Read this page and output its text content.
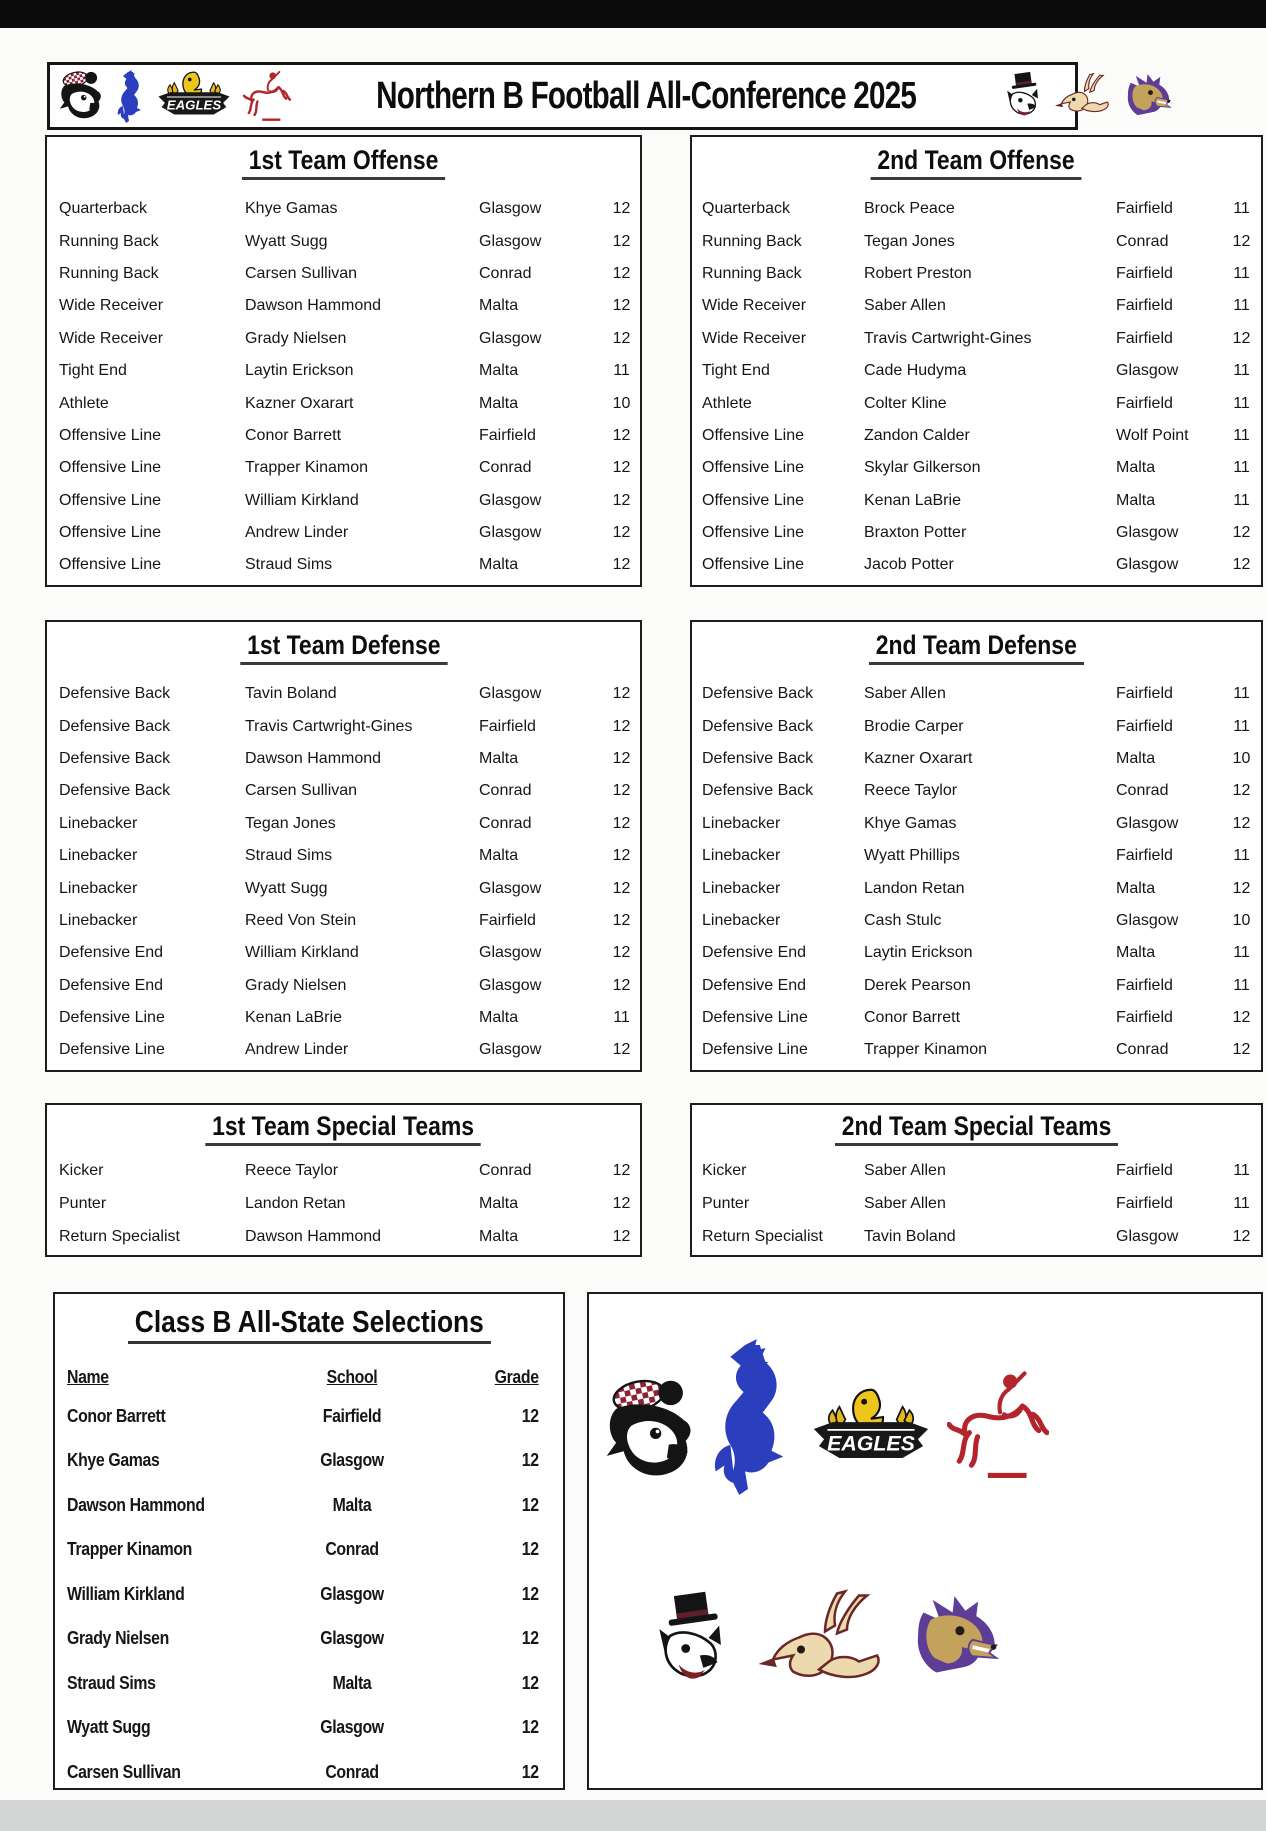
Northern B Football All-Conference 2025
1st Team Offense
Quarterback	Khye Gamas	Glasgow	12
Running Back	Wyatt Sugg	Glasgow	12
Running Back	Carsen Sullivan	Conrad	12
Wide Receiver	Dawson Hammond	Malta	12
Wide Receiver	Grady Nielsen	Glasgow	12
Tight End	Laytin Erickson	Malta	11
Athlete	Kazner Oxarart	Malta	10
Offensive Line	Conor Barrett	Fairfield	12
Offensive Line	Trapper Kinamon	Conrad	12
Offensive Line	William Kirkland	Glasgow	12
Offensive Line	Andrew Linder	Glasgow	12
Offensive Line	Straud Sims	Malta	12
2nd Team Offense
Quarterback	Brock Peace	Fairfield	11
Running Back	Tegan Jones	Conrad	12
Running Back	Robert Preston	Fairfield	11
Wide Receiver	Saber Allen	Fairfield	11
Wide Receiver	Travis Cartwright-Gines	Fairfield	12
Tight End	Cade Hudyma	Glasgow	11
Athlete	Colter Kline	Fairfield	11
Offensive Line	Zandon Calder	Wolf Point	11
Offensive Line	Skylar Gilkerson	Malta	11
Offensive Line	Kenan LaBrie	Malta	11
Offensive Line	Braxton Potter	Glasgow	12
Offensive Line	Jacob Potter	Glasgow	12
1st Team Defense
Defensive Back	Tavin Boland	Glasgow	12
Defensive Back	Travis Cartwright-Gines	Fairfield	12
Defensive Back	Dawson Hammond	Malta	12
Defensive Back	Carsen Sullivan	Conrad	12
Linebacker	Tegan Jones	Conrad	12
Linebacker	Straud Sims	Malta	12
Linebacker	Wyatt Sugg	Glasgow	12
Linebacker	Reed Von Stein	Fairfield	12
Defensive End	William Kirkland	Glasgow	12
Defensive End	Grady Nielsen	Glasgow	12
Defensive Line	Kenan LaBrie	Malta	11
Defensive Line	Andrew Linder	Glasgow	12
2nd Team Defense
Defensive Back	Saber Allen	Fairfield	11
Defensive Back	Brodie Carper	Fairfield	11
Defensive Back	Kazner Oxarart	Malta	10
Defensive Back	Reece Taylor	Conrad	12
Linebacker	Khye Gamas	Glasgow	12
Linebacker	Wyatt Phillips	Fairfield	11
Linebacker	Landon Retan	Malta	12
Linebacker	Cash Stulc	Glasgow	10
Defensive End	Laytin Erickson	Malta	11
Defensive End	Derek Pearson	Fairfield	11
Defensive Line	Conor Barrett	Fairfield	12
Defensive Line	Trapper Kinamon	Conrad	12
1st Team Special Teams
Kicker	Reece Taylor	Conrad	12
Punter	Landon Retan	Malta	12
Return Specialist	Dawson Hammond	Malta	12
2nd Team Special Teams
Kicker	Saber Allen	Fairfield	11
Punter	Saber Allen	Fairfield	11
Return Specialist	Tavin Boland	Glasgow	12
Class B All-State Selections
Name	School	Grade
Conor Barrett	Fairfield	12
Khye Gamas	Glasgow	12
Dawson Hammond	Malta	12
Trapper Kinamon	Conrad	12
William Kirkland	Glasgow	12
Grady Nielsen	Glasgow	12
Straud Sims	Malta	12
Wyatt Sugg	Glasgow	12
Carsen Sullivan	Conrad	12
